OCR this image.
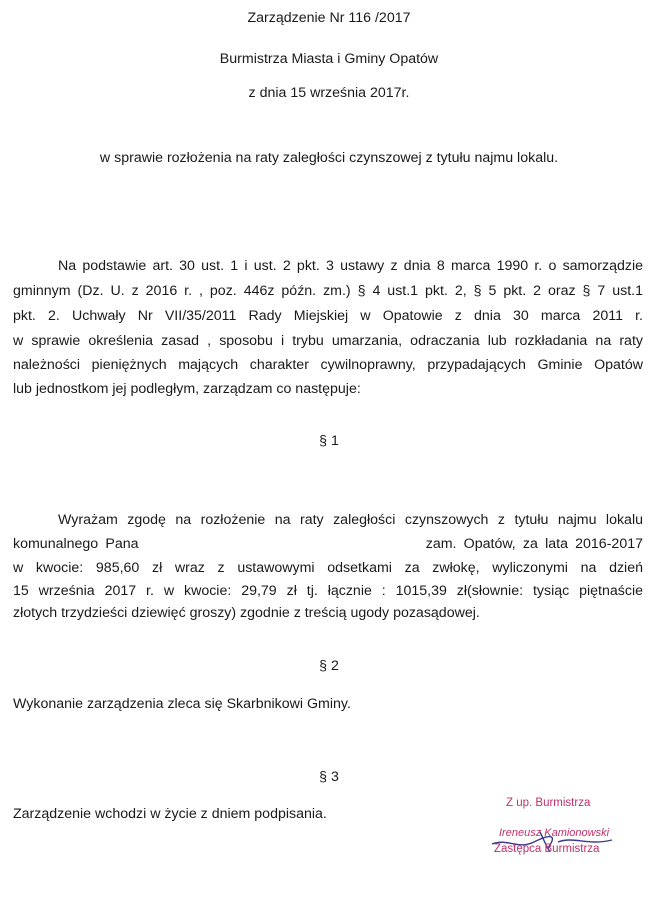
Zarządzenie Nr 116 /2017
Burmistrza Miasta i Gminy Opatów
z dnia 15 września 2017r.
w sprawie rozłożenia na raty zaległości czynszowej z tytułu najmu lokalu.
Na podstawie art. 30 ust. 1 i ust. 2 pkt. 3 ustawy z dnia 8 marca 1990 r. o samorządzie
gminnym (Dz. U. z 2016 r. , poz. 446z późn. zm.) § 4 ust.1 pkt. 2, § 5 pkt. 2 oraz § 7 ust.1
pkt. 2. Uchwały Nr VII/35/2011 Rady Miejskiej w Opatowie z dnia 30 marca 2011 r.
w sprawie określenia zasad , sposobu i trybu umarzania, odraczania lub rozkładania na raty
należności pieniężnych mających charakter cywilnoprawny, przypadających Gminie Opatów
lub jednostkom jej podległym, zarządzam co następuje:
§ 1
Wyrażam zgodę na rozłożenie na raty zaległości czynszowych z tytułu najmu lokalu
komunalnego Pana                                        zam. Opatów, za lata 2016-2017
w kwocie: 985,60 zł wraz z ustawowymi odsetkami za zwłokę, wyliczonymi na dzień
15 września 2017 r. w kwocie: 29,79 zł tj. łącznie : 1015,39 zł(słownie: tysiąc piętnaście
złotych trzydzieści dziewięć groszy) zgodnie z treścią ugody pozasądowej.
§ 2
Wykonanie zarządzenia zleca się Skarbnikowi Gminy.
§ 3
Zarządzenie wchodzi w życie z dniem podpisania.
Z up. Burmistrza
Ireneusz Kamionowski
Zastępca Burmistrza
